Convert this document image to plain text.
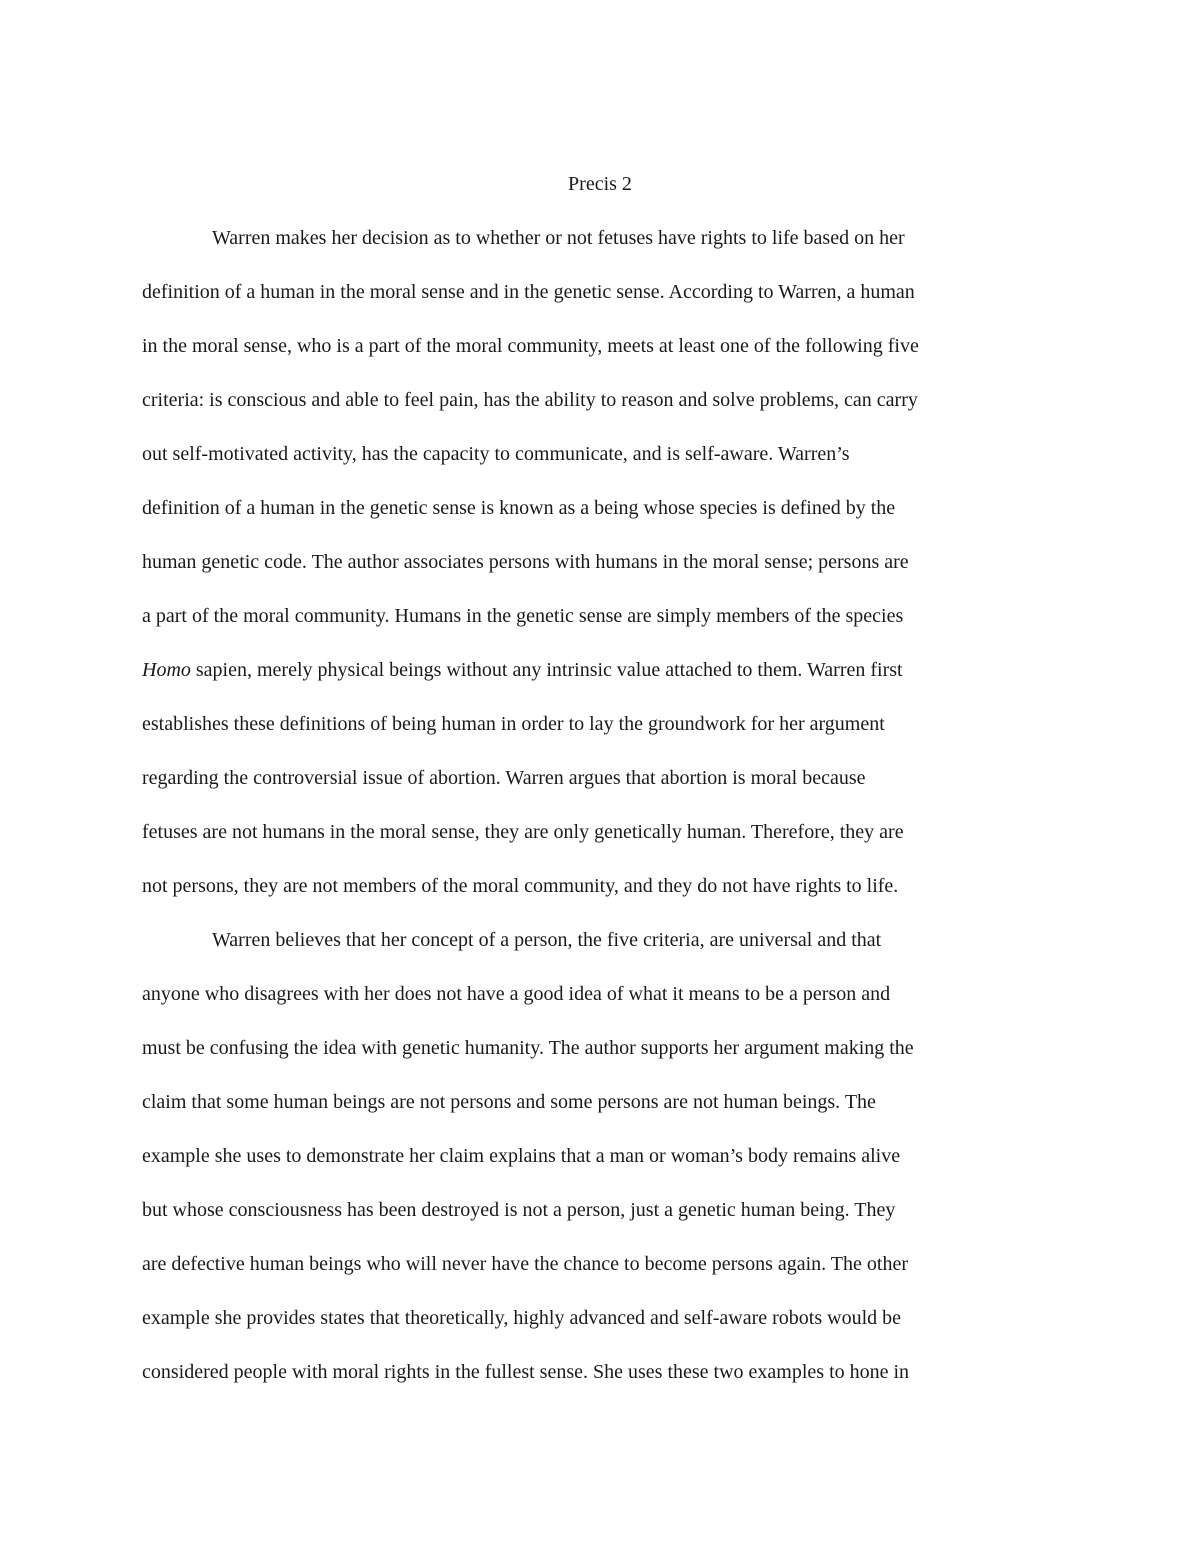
Precis 2
Warren makes her decision as to whether or not fetuses have rights to life based on her
definition of a human in the moral sense and in the genetic sense. According to Warren, a human
in the moral sense, who is a part of the moral community, meets at least one of the following five
criteria: is conscious and able to feel pain, has the ability to reason and solve problems, can carry
out self-motivated activity, has the capacity to communicate, and is self-aware. Warren’s
definition of a human in the genetic sense is known as a being whose species is defined by the
human genetic code. The author associates persons with humans in the moral sense; persons are
a part of the moral community. Humans in the genetic sense are simply members of the species
Homo sapien, merely physical beings without any intrinsic value attached to them. Warren first
establishes these definitions of being human in order to lay the groundwork for her argument
regarding the controversial issue of abortion. Warren argues that abortion is moral because
fetuses are not humans in the moral sense, they are only genetically human. Therefore, they are
not persons, they are not members of the moral community, and they do not have rights to life.
Warren believes that her concept of a person, the five criteria, are universal and that
anyone who disagrees with her does not have a good idea of what it means to be a person and
must be confusing the idea with genetic humanity. The author supports her argument making the
claim that some human beings are not persons and some persons are not human beings. The
example she uses to demonstrate her claim explains that a man or woman’s body remains alive
but whose consciousness has been destroyed is not a person, just a genetic human being. They
are defective human beings who will never have the chance to become persons again. The other
example she provides states that theoretically, highly advanced and self-aware robots would be
considered people with moral rights in the fullest sense. She uses these two examples to hone in
